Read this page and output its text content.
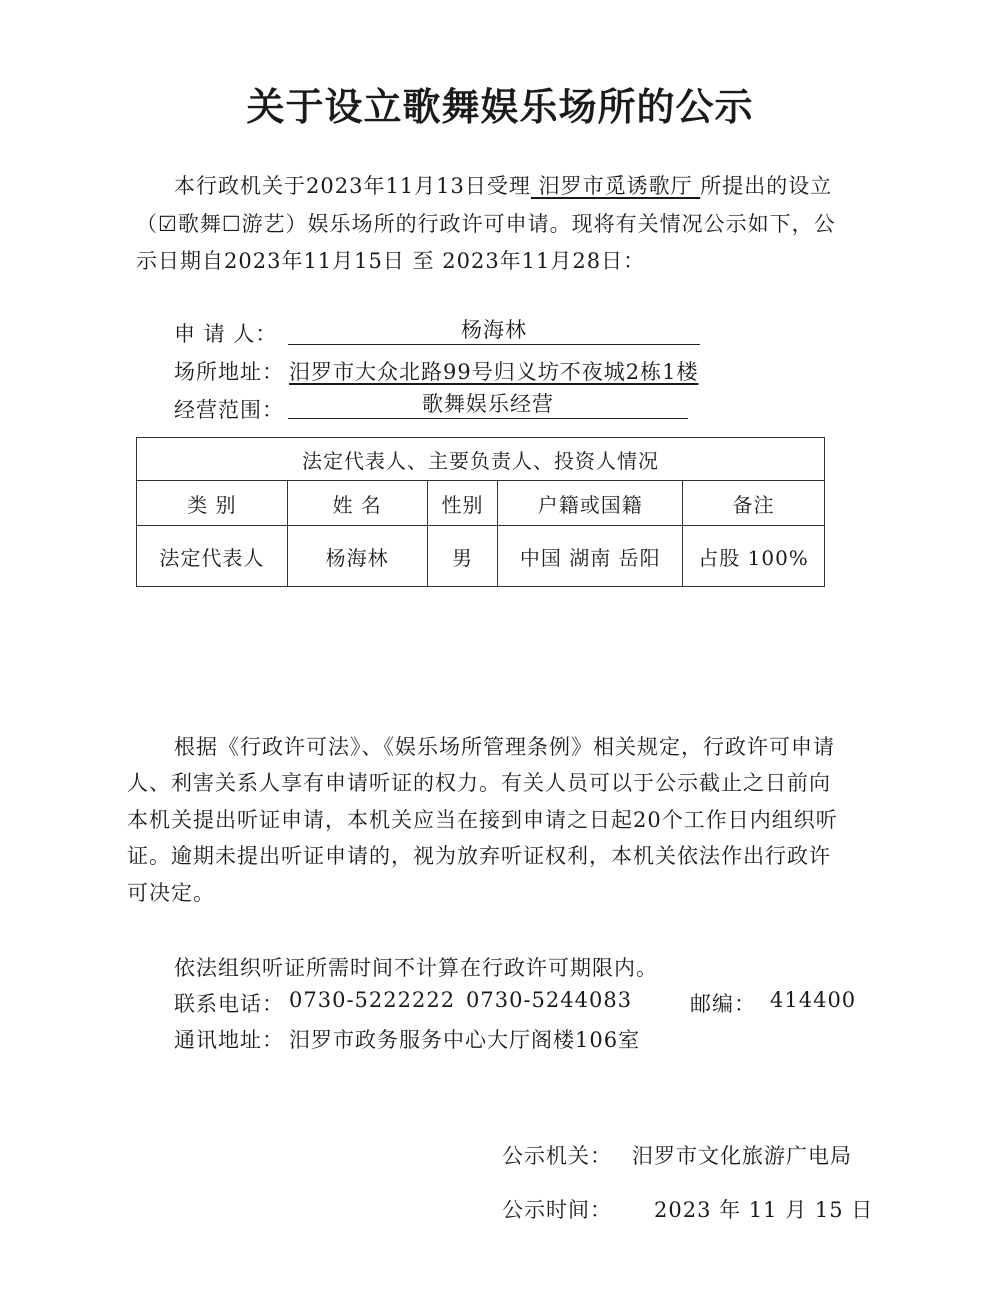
关于设立歌舞娱乐场所的公示
本行政机关于2023年11月13日受理 汨罗市觅诱歌厅 所提出的设立
（☑歌舞☐游艺）娱乐场所的行政许可申请。现将有关情况公示如下，公
示日期自2023年11月15日 至 2023年11月28日：
申 请 人：	杨海林
场所地址： 汨罗市大众北路99号归义坊不夜城2栋1楼
经营范围：	歌舞娱乐经营
法定代表人、主要负责人、投资人情况				
类 别	姓 名	性别	户籍或国籍	备注
法定代表人	杨海林	男	中国 湖南 岳阳	占股 100%
根据《行政许可法》、《娱乐场所管理条例》相关规定，行政许可申请
人、利害关系人享有申请听证的权力。有关人员可以于公示截止之日前向
本机关提出听证申请，本机关应当在接到申请之日起20个工作日内组织听
证。逾期未提出听证申请的，视为放弃听证权利，本机关依法作出行政许
可决定。
依法组织听证所需时间不计算在行政许可期限内。
联系电话： 0730-5222222 0730-5244083	邮编： 414400
通讯地址： 汨罗市政务服务中心大厅阁楼106室
公示机关： 汨罗市文化旅游广电局
公示时间： 2023 年 11 月 15 日
